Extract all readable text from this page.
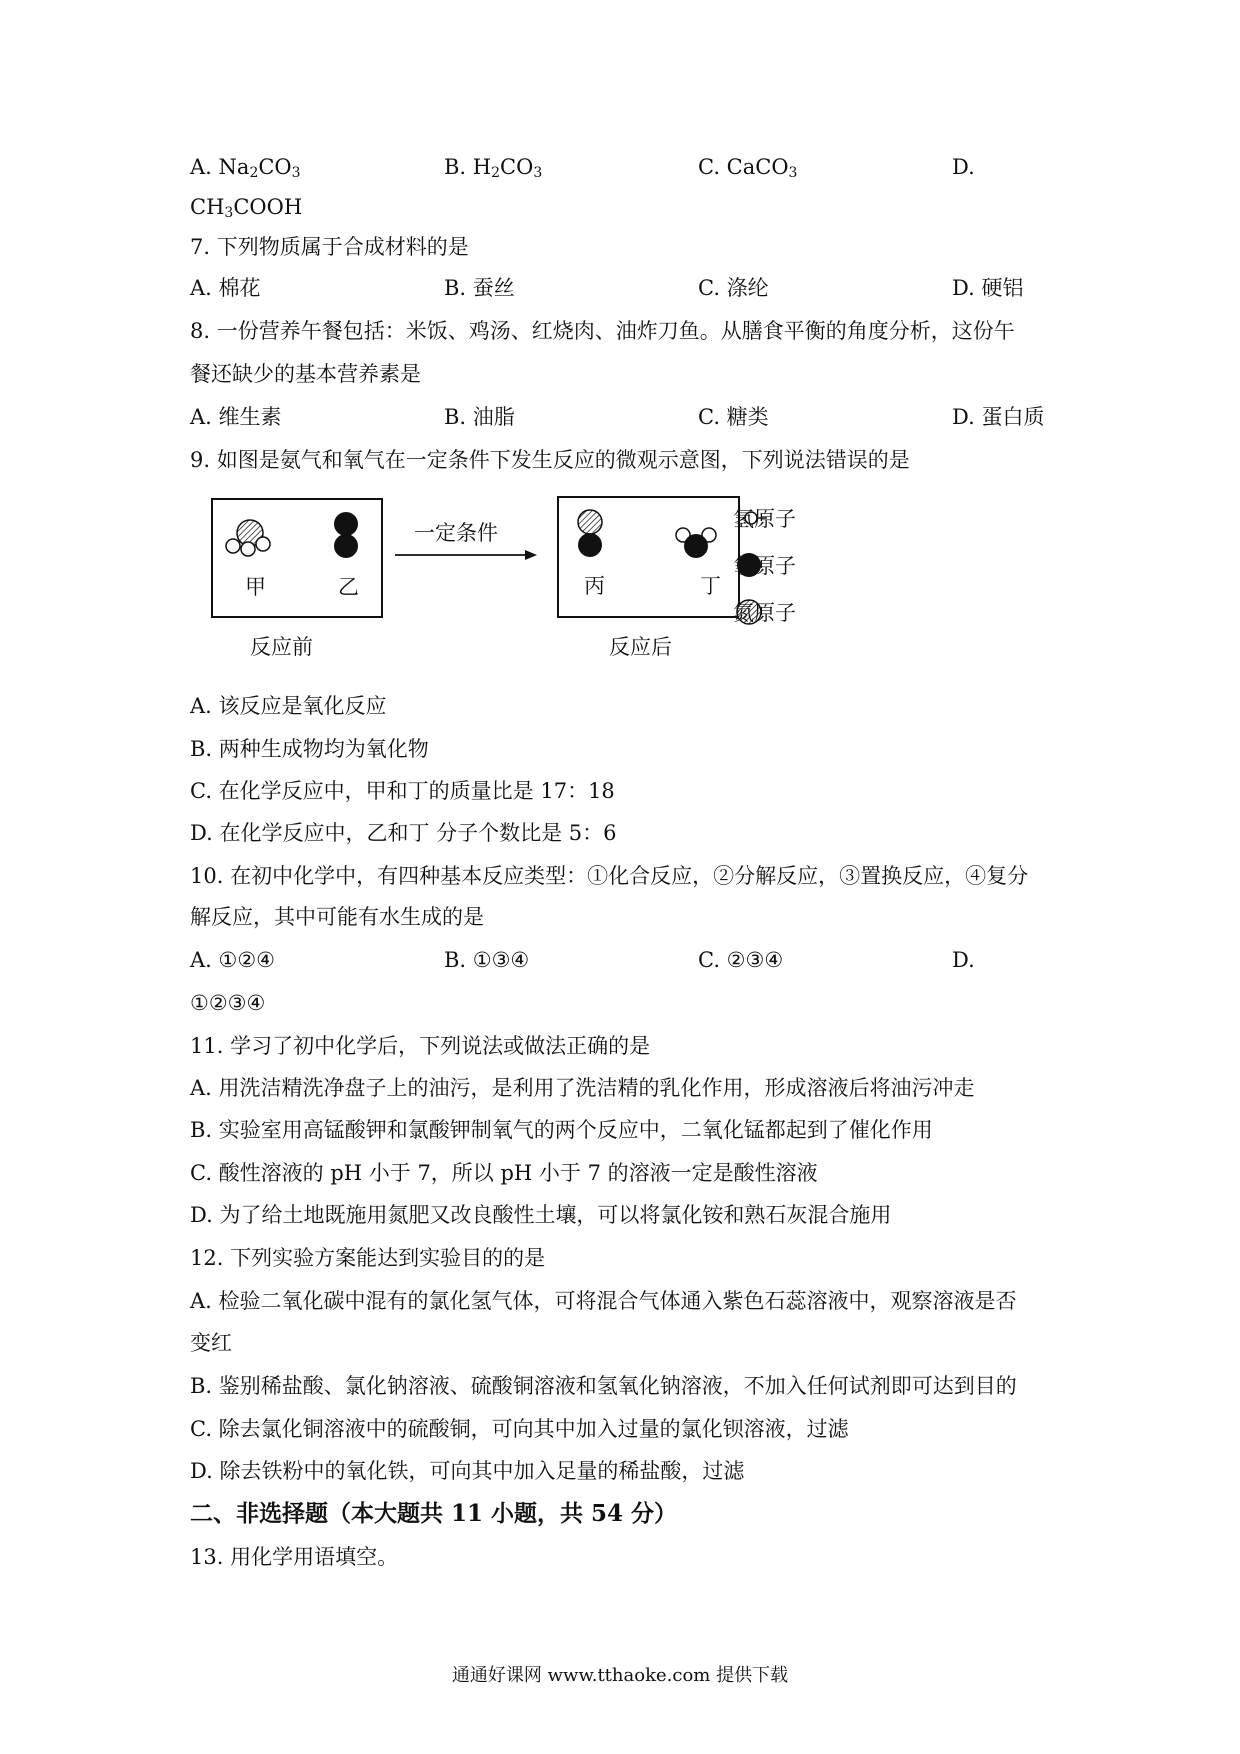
A. $Na_2CO_3$	B. $H_2CO_3$	C. CaCO$_3$	D.
$CH_3COOH$
7. 下列物质属于合成材料的是
A. 棉花	B. 蚕丝	C. 涤纶	D. 硬铝
8. 一份营养午餐包括：米饭、鸡汤、红烧肉、油炸刀鱼。从膳食平衡的角度分析，这份午
餐还缺少的基本营养素是
A. 维生素	B. 油脂	C. 糖类	D. 蛋白质
9. 如图是氨气和氧气在一定条件下发生反应的微观示意图，下列说法错误的是
甲	乙
一定条件
丙	丁
氢原子
氧原子
氮原子
反应前	反应后
A. 该反应是氧化反应
B. 两种生成物均为氧化物
C. 在化学反应中，甲和丁的质量比是 17：18
D. 在化学反应中，乙和丁 分子个数比是 5：6
10. 在初中化学中，有四种基本反应类型：①化合反应，②分解反应，③置换反应，④复分
解反应，其中可能有水生成的是
A. ①②④	B. ①③④	C. ②③④	D.
①②③④
11. 学习了初中化学后，下列说法或做法正确的是
A. 用洗洁精洗净盘子上的油污，是利用了洗洁精的乳化作用，形成溶液后将油污冲走
B. 实验室用高锰酸钾和氯酸钾制氧气的两个反应中，二氧化锰都起到了催化作用
C. 酸性溶液的 pH 小于 7，所以 pH 小于 7 的溶液一定是酸性溶液
D. 为了给土地既施用氮肥又改良酸性土壤，可以将氯化铵和熟石灰混合施用
12. 下列实验方案能达到实验目的的是
A. 检验二氧化碳中混有的氯化氢气体，可将混合气体通入紫色石蕊溶液中，观察溶液是否
变红
B. 鉴别稀盐酸、氯化钠溶液、硫酸铜溶液和氢氧化钠溶液，不加入任何试剂即可达到目的
C. 除去氯化铜溶液中的硫酸铜，可向其中加入过量的氯化钡溶液，过滤
D. 除去铁粉中的氧化铁，可向其中加入足量的稀盐酸，过滤
二、非选择题（本大题共 11 小题，共 54 分）
13. 用化学用语填空。
通通好课网 www.tthaoke.com 提供下载
